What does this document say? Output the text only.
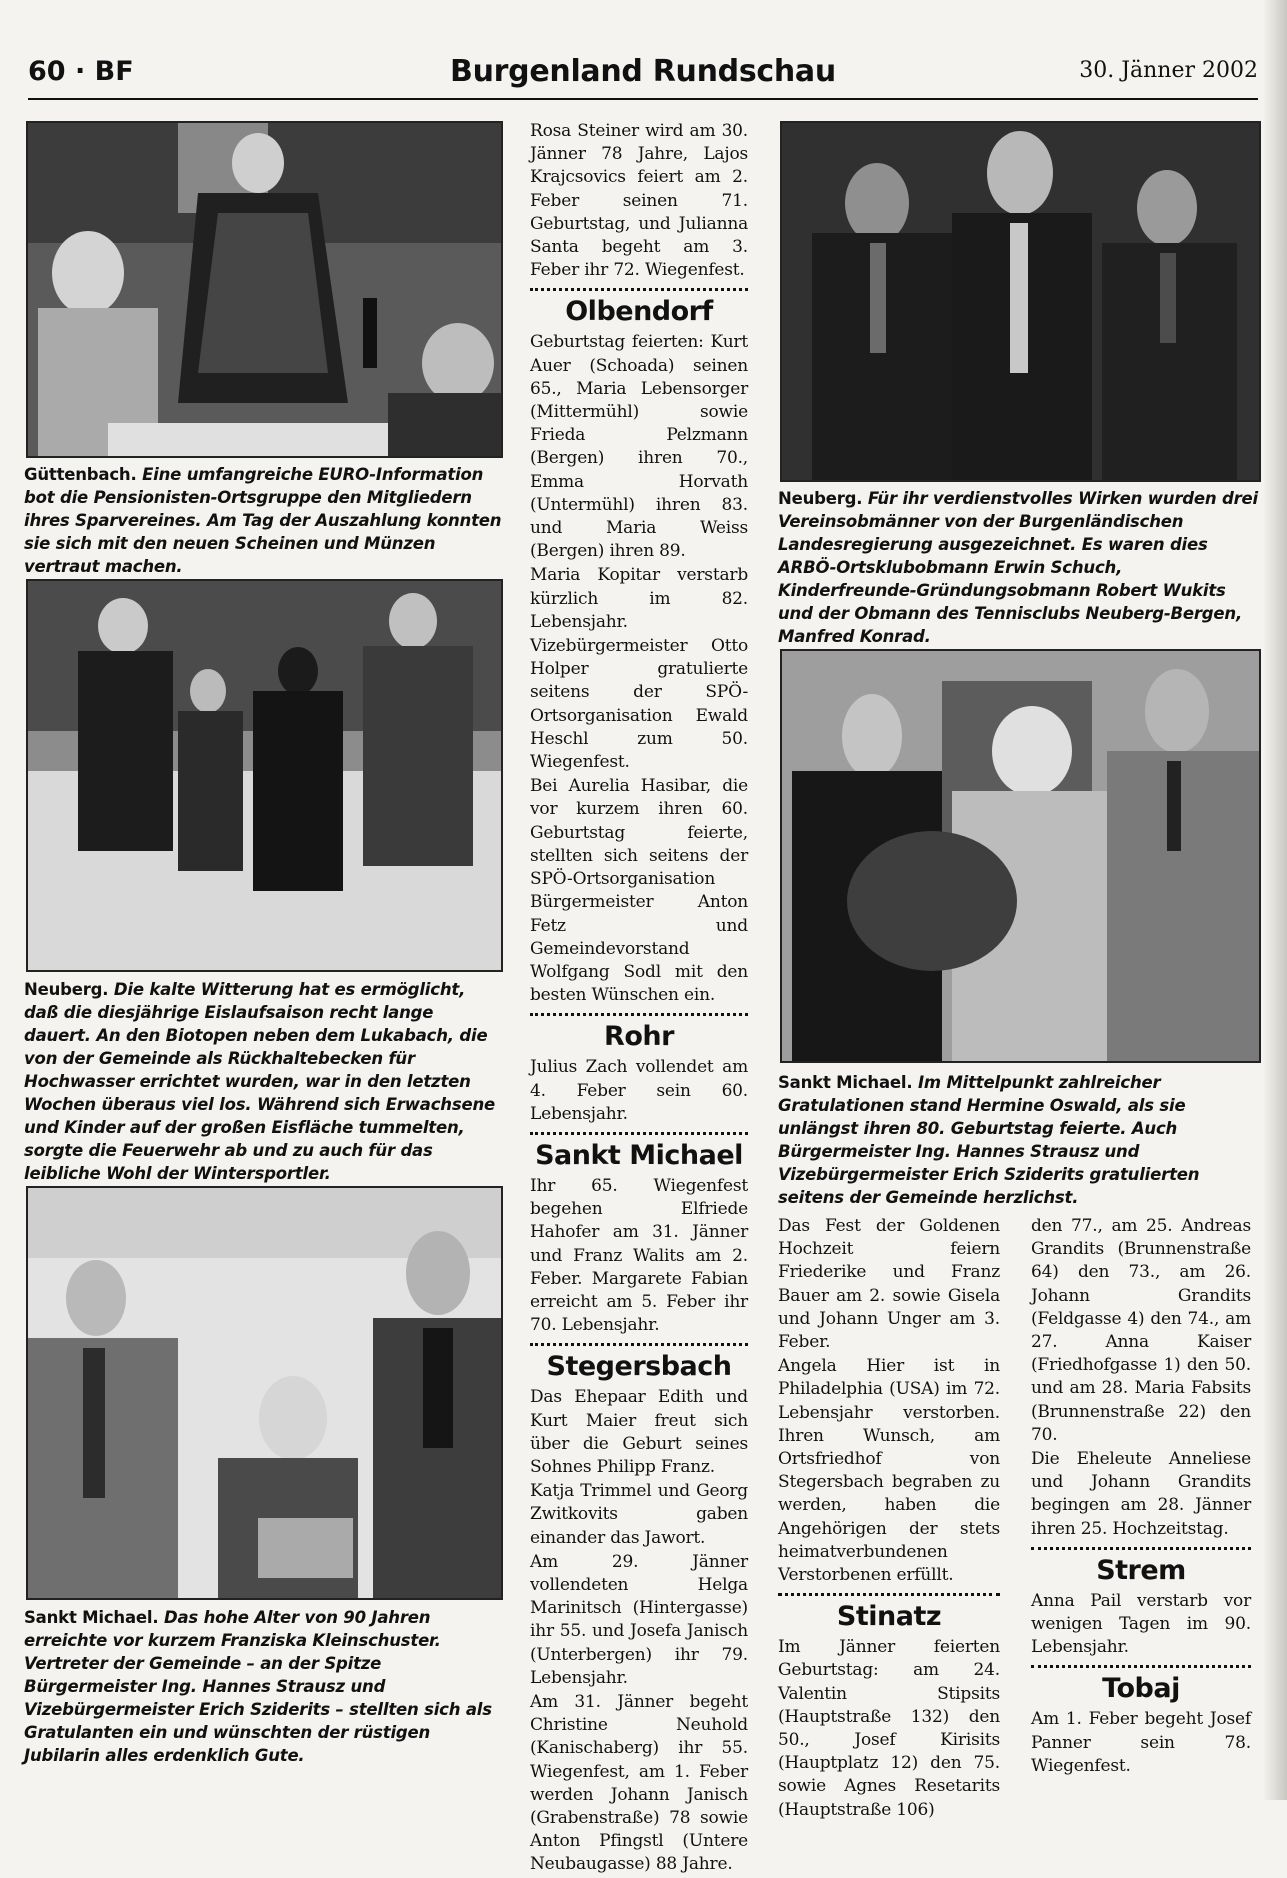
60 · BF	Burgenland Rundschau	30. Jänner 2002
Güttenbach. Eine umfangreiche EURO-Information bot die Pensionisten-Ortsgruppe den Mitgliedern ihres Sparvereines. Am Tag der Auszahlung konnten sie sich mit den neuen Scheinen und Münzen vertraut machen.
Neuberg. Die kalte Witterung hat es ermöglicht, daß die diesjährige Eislaufsaison recht lange dauert. An den Biotopen neben dem Lukabach, die von der Gemeinde als Rückhaltebecken für Hochwasser errichtet wurden, war in den letzten Wochen überaus viel los. Während sich Erwachsene und Kinder auf der großen Eisfläche tummelten, sorgte die Feuerwehr ab und zu auch für das leibliche Wohl der Wintersportler.
Sankt Michael. Das hohe Alter von 90 Jahren erreichte vor kurzem Franziska Kleinschuster. Vertreter der Gemeinde – an der Spitze Bürgermeister Ing. Hannes Strausz und Vizebürgermeister Erich Sziderits – stellten sich als Gratulanten ein und wünschten der rüstigen Jubilarin alles erdenklich Gute.
Neuberg. Für ihr verdienstvolles Wirken wurden drei Vereinsobmänner von der Burgenländischen Landesregierung ausgezeichnet. Es waren dies ARBÖ-Ortsklubobmann Erwin Schuch, Kinderfreunde-Gründungsobmann Robert Wukits und der Obmann des Tennisclubs Neuberg-Bergen, Manfred Konrad.
Sankt Michael. Im Mittelpunkt zahlreicher Gratulationen stand Hermine Oswald, als sie unlängst ihren 80. Geburtstag feierte. Auch Bürgermeister Ing. Hannes Strausz und Vizebürgermeister Erich Sziderits gratulierten seitens der Gemeinde herzlichst.

Rosa Steiner wird am 30. Jänner 78 Jahre, Lajos Krajcsovics feiert am 2. Feber seinen 71. Geburtstag, und Julianna Santa begeht am 3. Feber ihr 72. Wiegenfest.

Olbendorf

Geburtstag feierten: Kurt Auer (Schoada) seinen 65., Maria Lebensorger (Mittermühl) sowie Frieda Pelzmann (Bergen) ihren 70., Emma Horvath (Untermühl) ihren 83. und Maria Weiss (Bergen) ihren 89.

Maria Kopitar verstarb kürzlich im 82. Lebensjahr.

Vizebürgermeister Otto Holper gratulierte seitens der SPÖ-Ortsorganisation Ewald Heschl zum 50. Wiegenfest.

Bei Aurelia Hasibar, die vor kurzem ihren 60. Geburtstag feierte, stellten sich seitens der SPÖ-Ortsorganisation Bürgermeister Anton Fetz und Gemeindevorstand Wolfgang Sodl mit den besten Wünschen ein.

Rohr

Julius Zach vollendet am 4. Feber sein 60. Lebensjahr.

Sankt Michael

Ihr 65. Wiegenfest begehen Elfriede Hahofer am 31. Jänner und Franz Walits am 2. Feber. Margarete Fabian erreicht am 5. Feber ihr 70. Lebensjahr.

Stegersbach

Das Ehepaar Edith und Kurt Maier freut sich über die Geburt seines Sohnes Philipp Franz.

Katja Trimmel und Georg Zwitkovits gaben einander das Jawort.

Am 29. Jänner vollendeten Helga Marinitsch (Hintergasse) ihr 55. und Josefa Janisch (Unterbergen) ihr 79. Lebensjahr.

Am 31. Jänner begeht Christine Neuhold (Kanischaberg) ihr 55. Wiegenfest, am 1. Feber werden Johann Janisch (Grabenstraße) 78 sowie Anton Pfingstl (Untere Neubaugasse) 88 Jahre.

Das Fest der Goldenen Hochzeit feiern Friederike und Franz Bauer am 2. sowie Gisela und Johann Unger am 3. Feber.

Angela Hier ist in Philadelphia (USA) im 72. Lebensjahr verstorben. Ihren Wunsch, am Ortsfriedhof von Stegersbach begraben zu werden, haben die Angehörigen der stets heimatverbundenen Verstorbenen erfüllt.

Stinatz

Im Jänner feierten Geburtstag: am 24. Valentin Stipsits (Hauptstraße 132) den 50., Josef Kirisits (Hauptplatz 12) den 75. sowie Agnes Resetarits (Hauptstraße 106)

den 77., am 25. Andreas Grandits (Brunnenstraße 64) den 73., am 26. Johann Grandits (Feldgasse 4) den 74., am 27. Anna Kaiser (Friedhofgasse 1) den 50. und am 28. Maria Fabsits (Brunnenstraße 22) den 70.

Die Eheleute Anneliese und Johann Grandits begingen am 28. Jänner ihren 25. Hochzeitstag.

Strem

Anna Pail verstarb vor wenigen Tagen im 90. Lebensjahr.

Tobaj

Am 1. Feber begeht Josef Panner sein 78. Wiegenfest.
